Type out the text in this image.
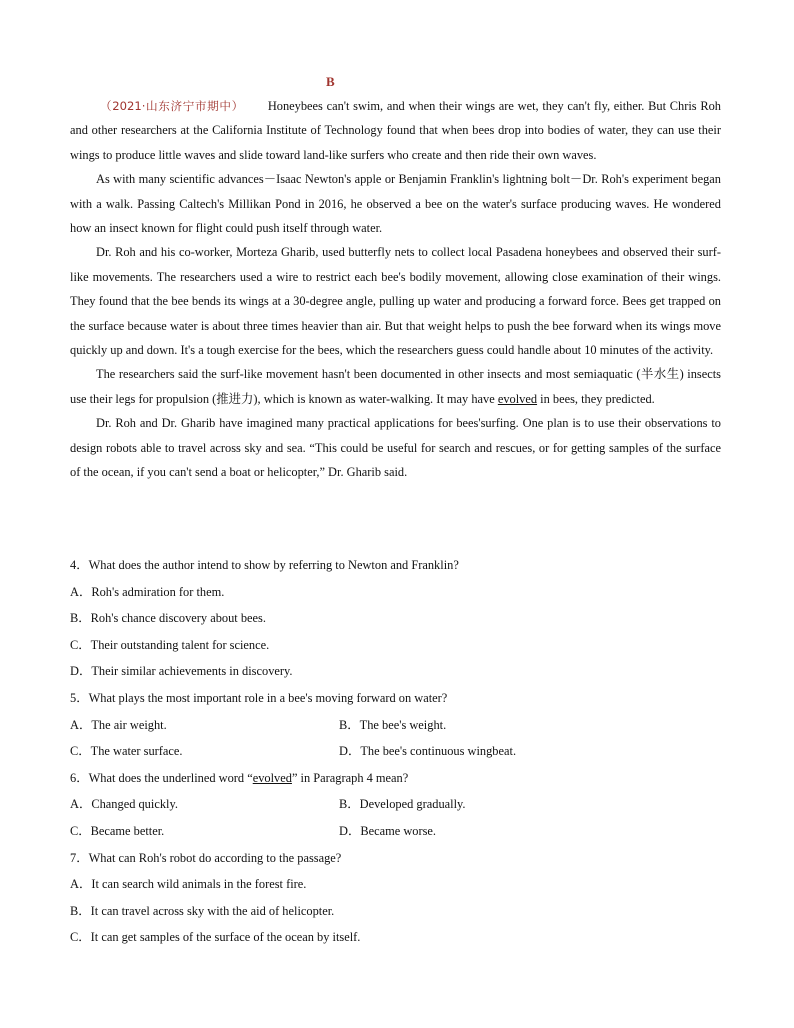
B

（2021·山东济宁市期中） Honeybees can't swim, and when their wings are wet, they can't fly, either. But Chris Roh and other researchers at the California Institute of Technology found that when bees drop into bodies of water, they can use their wings to produce little waves and slide toward land-like surfers who create and then ride their own waves.

As with many scientific advances－Isaac Newton's apple or Benjamin Franklin's lightning bolt－Dr. Roh's experiment began with a walk. Passing Caltech's Millikan Pond in 2016, he observed a bee on the water's surface producing waves. He wondered how an insect known for flight could push itself through water.

Dr. Roh and his co-worker, Morteza Gharib, used butterfly nets to collect local Pasadena honeybees and observed their surf-like movements. The researchers used a wire to restrict each bee's bodily movement, allowing close examination of their wings. They found that the bee bends its wings at a 30-degree angle, pulling up water and producing a forward force. Bees get trapped on the surface because water is about three times heavier than air. But that weight helps to push the bee forward when its wings move quickly up and down. It's a tough exercise for the bees, which the researchers guess could handle about 10 minutes of the activity.

The researchers said the surf-like movement hasn't been documented in other insects and most semiaquatic (半水生) insects use their legs for propulsion (推进力), which is known as water-walking. It may have evolved in bees, they predicted.

Dr. Roh and Dr. Gharib have imagined many practical applications for bees'surfing. One plan is to use their observations to design robots able to travel across sky and sea. “This could be useful for search and rescues, or for getting samples of the surface of the ocean, if you can't send a boat or helicopter,” Dr. Gharib said.

4．What does the author intend to show by referring to Newton and Franklin?
A．Roh's admiration for them.
B．Roh's chance discovery about bees.
C．Their outstanding talent for science.
D．Their similar achievements in discovery.
5．What plays the most important role in a bee's moving forward on water?
A．The air weight.	B．The bee's weight.
C．The water surface.	D．The bee's continuous wingbeat.
6．What does the underlined word “evolved” in Paragraph 4 mean?
A．Changed quickly.	B．Developed gradually.
C．Became better.	D．Became worse.
7．What can Roh's robot do according to the passage?
A．It can search wild animals in the forest fire.
B．It can travel across sky with the aid of helicopter.
C．It can get samples of the surface of the ocean by itself.
